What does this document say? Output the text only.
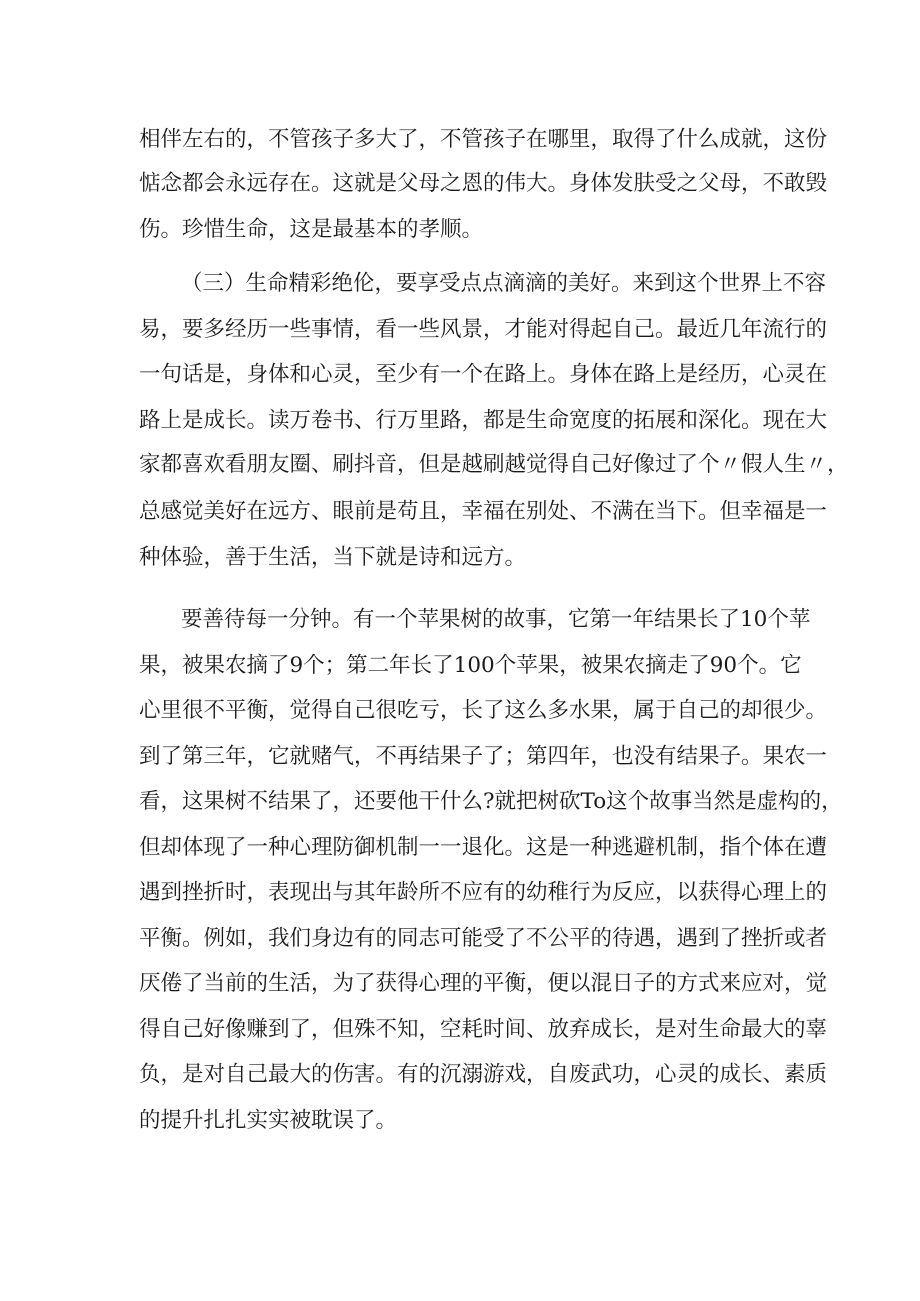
相伴左右的，不管孩子多大了，不管孩子在哪里，取得了什么成就，这份
惦念都会永远存在。这就是父母之恩的伟大。身体发肤受之父母，不敢毁
伤。珍惜生命，这是最基本的孝顺。
（三）生命精彩绝伦，要享受点点滴滴的美好。来到这个世界上不容
易，要多经历一些事情，看一些风景，才能对得起自己。最近几年流行的
一句话是，身体和心灵，至少有一个在路上。身体在路上是经历，心灵在
路上是成长。读万卷书、行万里路，都是生命宽度的拓展和深化。现在大
家都喜欢看朋友圈、刷抖音，但是越刷越觉得自己好像过了个〃假人生〃，
总感觉美好在远方、眼前是苟且，幸福在别处、不满在当下。但幸福是一
种体验，善于生活，当下就是诗和远方。
要善待每一分钟。有一个苹果树的故事，它第一年结果长了10个苹
果，被果农摘了9个；第二年长了100个苹果，被果农摘走了90个。它
心里很不平衡，觉得自己很吃亏，长了这么多水果，属于自己的却很少。
到了第三年，它就赌气，不再结果子了；第四年，也没有结果子。果农一
看，这果树不结果了，还要他干什么?就把树砍To这个故事当然是虚构的，
但却体现了一种心理防御机制一一退化。这是一种逃避机制，指个体在遭
遇到挫折时，表现出与其年龄所不应有的幼稚行为反应，以获得心理上的
平衡。例如，我们身边有的同志可能受了不公平的待遇，遇到了挫折或者
厌倦了当前的生活，为了获得心理的平衡，便以混日子的方式来应对，觉
得自己好像赚到了，但殊不知，空耗时间、放弃成长，是对生命最大的辜
负，是对自己最大的伤害。有的沉溺游戏，自废武功，心灵的成长、素质
的提升扎扎实实被耽误了。
